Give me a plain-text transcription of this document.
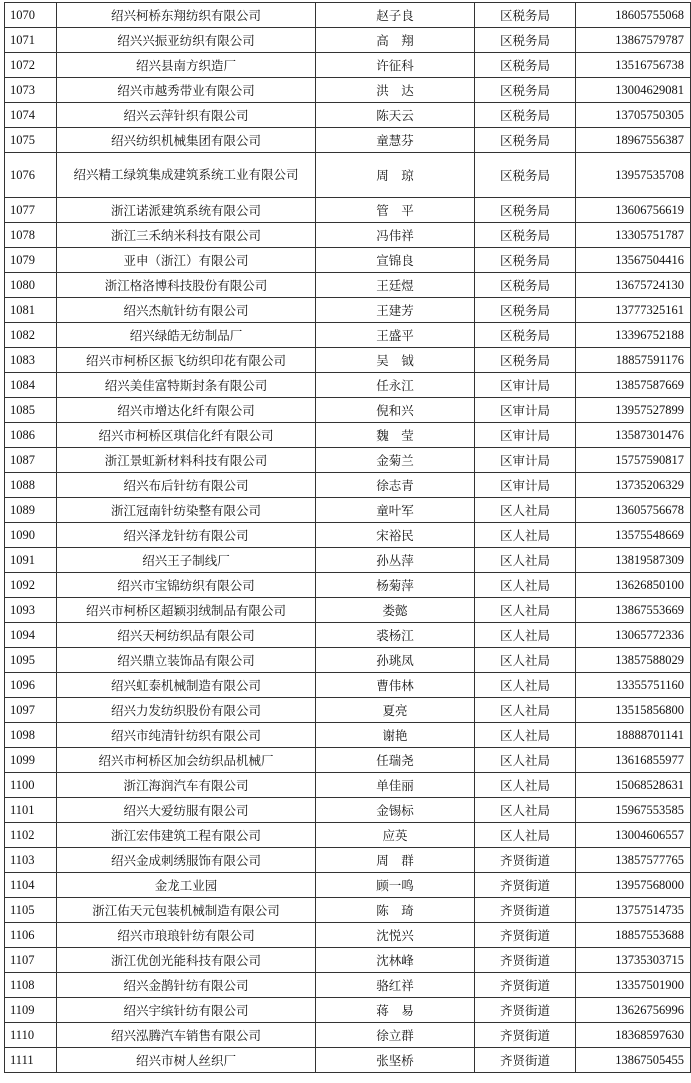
1070	绍兴柯桥东翔纺织有限公司	赵子良	区税务局	18605755068
1071	绍兴兴振亚纺织有限公司	高　翔	区税务局	13867579787
1072	绍兴县南方织造厂	许征科	区税务局	13516756738
1073	绍兴市越秀带业有限公司	洪　达	区税务局	13004629081
1074	绍兴云萍针织有限公司	陈天云	区税务局	13705750305
1075	绍兴纺织机械集团有限公司	童慧芬	区税务局	18967556387
1076	绍兴精工绿筑集成建筑系统工业有限公司	周　琼	区税务局	13957535708
1077	浙江诺派建筑系统有限公司	管　平	区税务局	13606756619
1078	浙江三禾纳米科技有限公司	冯伟祥	区税务局	13305751787
1079	亚申（浙江）有限公司	宣锦良	区税务局	13567504416
1080	浙江格洛博科技股份有限公司	王廷煜	区税务局	13675724130
1081	绍兴杰航针纺有限公司	王建芳	区税务局	13777325161
1082	绍兴绿皓无纺制品厂	王盛平	区税务局	13396752188
1083	绍兴市柯桥区振飞纺织印花有限公司	吴　钺	区税务局	18857591176
1084	绍兴美佳富特斯封条有限公司	任永江	区审计局	13857587669
1085	绍兴市增达化纤有限公司	倪和兴	区审计局	13957527899
1086	绍兴市柯桥区琪信化纤有限公司	魏　莹	区审计局	13587301476
1087	浙江景虹新材料科技有限公司	金菊兰	区审计局	15757590817
1088	绍兴布后针纺有限公司	徐志青	区审计局	13735206329
1089	浙江冠南针纺染整有限公司	童叶军	区人社局	13605756678
1090	绍兴泽龙针纺有限公司	宋裕民	区人社局	13575548669
1091	绍兴王子制线厂	孙丛萍	区人社局	13819587309
1092	绍兴市宝锦纺织有限公司	杨菊萍	区人社局	13626850100
1093	绍兴市柯桥区超颖羽绒制品有限公司	娄懿	区人社局	13867553669
1094	绍兴天柯纺织品有限公司	裘杨江	区人社局	13065772336
1095	绍兴鼎立装饰品有限公司	孙珧凤	区人社局	13857588029
1096	绍兴虹泰机械制造有限公司	曹伟林	区人社局	13355751160
1097	绍兴力发纺织股份有限公司	夏亮	区人社局	13515856800
1098	绍兴市纯清针纺织有限公司	谢艳	区人社局	18888701141
1099	绍兴市柯桥区加会纺织品机械厂	任瑞尧	区人社局	13616855977
1100	浙江海润汽车有限公司	单佳丽	区人社局	15068528631
1101	绍兴大爱纺服有限公司	金锡标	区人社局	15967553585
1102	浙江宏伟建筑工程有限公司	应英	区人社局	13004606557
1103	绍兴金成刺绣服饰有限公司	周　群	齐贤街道	13857577765
1104	金龙工业园	顾一鸣	齐贤街道	13957568000
1105	浙江佑天元包装机械制造有限公司	陈　琦	齐贤街道	13757514735
1106	绍兴市琅琅针纺有限公司	沈悦兴	齐贤街道	18857553688
1107	浙江优创光能科技有限公司	沈林峰	齐贤街道	13735303715
1108	绍兴金鹊针纺有限公司	骆红祥	齐贤街道	13357501900
1109	绍兴宇缤针纺有限公司	蒋　易	齐贤街道	13626756996
1110	绍兴泓腾汽车销售有限公司	徐立群	齐贤街道	18368597630
1111	绍兴市树人丝织厂	张坚桥	齐贤街道	13867505455
